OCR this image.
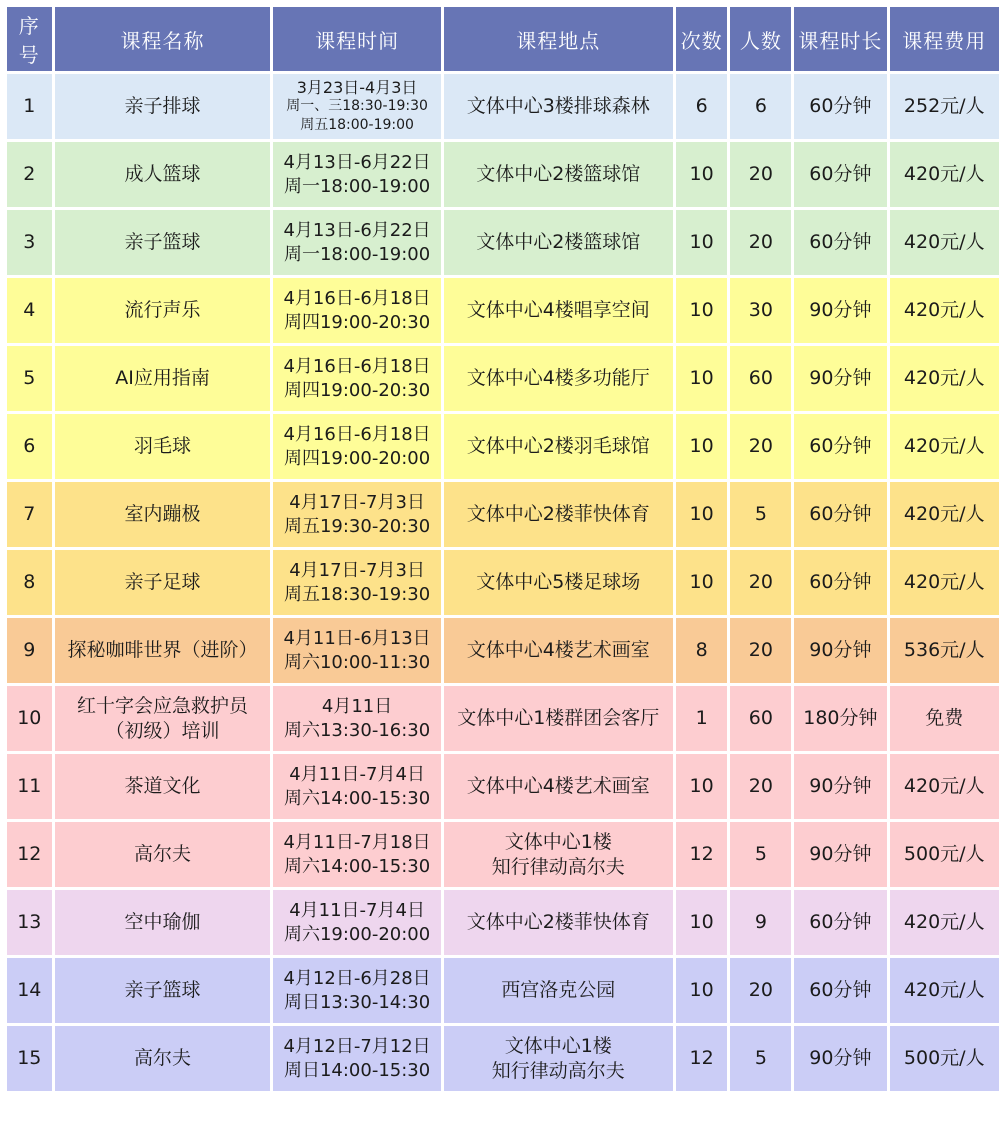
序号	课程名称	课程时间	课程地点	次数	人数	课程时长	课程费用
1	亲子排球	3月23日-4月3日
周一、三18:30-19:30
周五18:00-19:00	文体中心3楼排球森林	6	6	60分钟	252元/人
2	成人篮球	4月13日-6月22日
周一18:00-19:00	文体中心2楼篮球馆	10	20	60分钟	420元/人
3	亲子篮球	4月13日-6月22日
周一18:00-19:00	文体中心2楼篮球馆	10	20	60分钟	420元/人
4	流行声乐	4月16日-6月18日
周四19:00-20:30	文体中心4楼唱享空间	10	30	90分钟	420元/人
5	AI应用指南	4月16日-6月18日
周四19:00-20:30	文体中心4楼多功能厅	10	60	90分钟	420元/人
6	羽毛球	4月16日-6月18日
周四19:00-20:00	文体中心2楼羽毛球馆	10	20	60分钟	420元/人
7	室内蹦极	4月17日-7月3日
周五19:30-20:30	文体中心2楼菲快体育	10	5	60分钟	420元/人
8	亲子足球	4月17日-7月3日
周五18:30-19:30	文体中心5楼足球场	10	20	60分钟	420元/人
9	探秘咖啡世界（进阶）	4月11日-6月13日
周六10:00-11:30	文体中心4楼艺术画室	8	20	90分钟	536元/人
10	红十字会应急救护员
（初级）培训	4月11日
周六13:30-16:30	文体中心1楼群团会客厅	1	60	180分钟	免费
11	茶道文化	4月11日-7月4日
周六14:00-15:30	文体中心4楼艺术画室	10	20	90分钟	420元/人
12	高尔夫	4月11日-7月18日
周六14:00-15:30	文体中心1楼
知行律动高尔夫	12	5	90分钟	500元/人
13	空中瑜伽	4月11日-7月4日
周六19:00-20:00	文体中心2楼菲快体育	10	9	60分钟	420元/人
14	亲子篮球	4月12日-6月28日
周日13:30-14:30	西宫洛克公园	10	20	60分钟	420元/人
15	高尔夫	4月12日-7月12日
周日14:00-15:30	文体中心1楼
知行律动高尔夫	12	5	90分钟	500元/人
